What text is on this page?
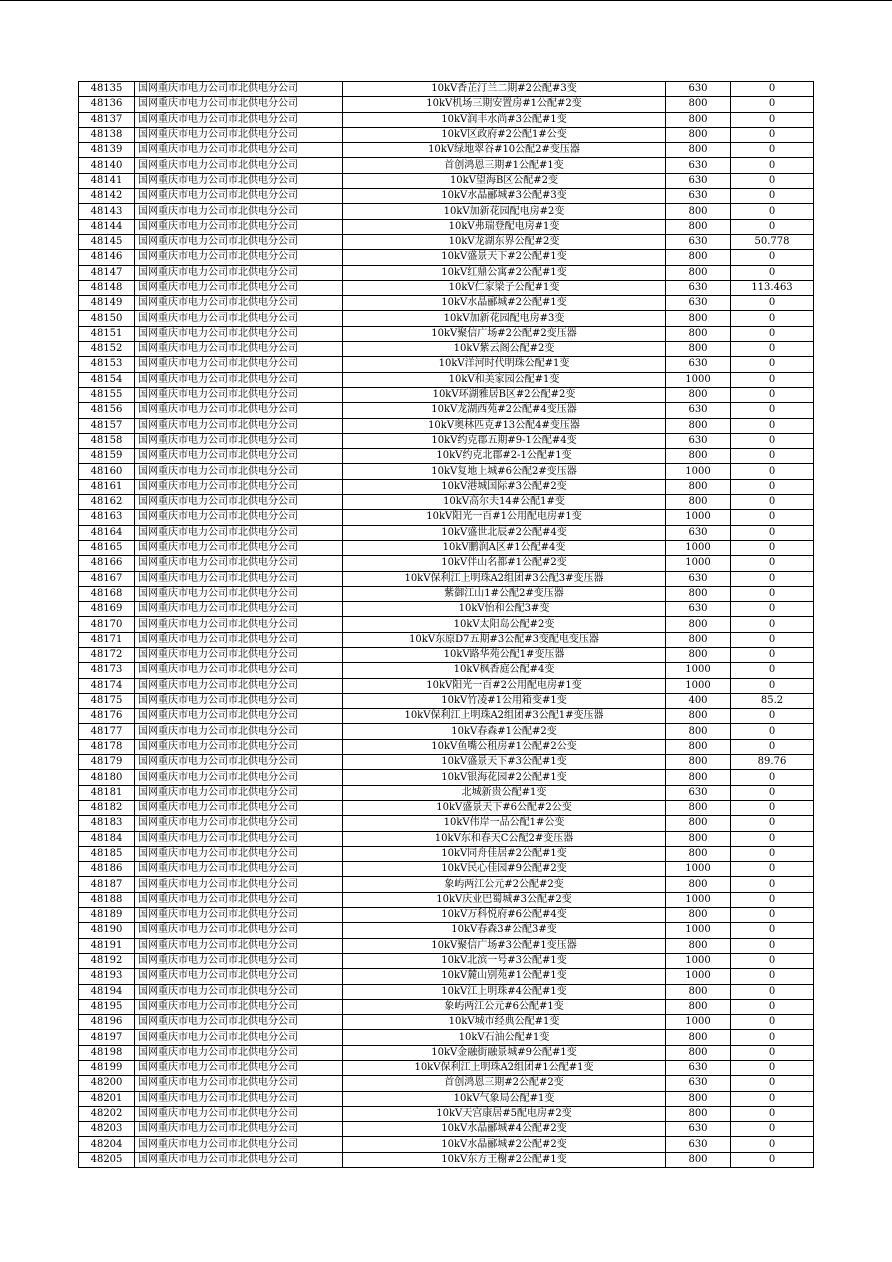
48135	国网重庆市电力公司市北供电分公司	10kV香芷汀兰二期#2公配#3变	630	0
48136	国网重庆市电力公司市北供电分公司	10kV机场三期安置房#1公配#2变	800	0
48137	国网重庆市电力公司市北供电分公司	10kV润丰水尚#3公配#1变	800	0
48138	国网重庆市电力公司市北供电分公司	10kV区政府#2公配1#公变	800	0
48139	国网重庆市电力公司市北供电分公司	10kV绿地翠谷#10公配2#变压器	800	0
48140	国网重庆市电力公司市北供电分公司	首创鸿恩三期#1公配#1变	630	0
48141	国网重庆市电力公司市北供电分公司	10kV望海B区公配#2变	630	0
48142	国网重庆市电力公司市北供电分公司	10kV水晶郦城#3公配#3变	630	0
48143	国网重庆市电力公司市北供电分公司	10kV加新花园配电房#2变	800	0
48144	国网重庆市电力公司市北供电分公司	10kV弗瑞登配电房#1变	800	0
48145	国网重庆市电力公司市北供电分公司	10kV龙湖东界公配#2变	630	50.778
48146	国网重庆市电力公司市北供电分公司	10kV盛景天下#2公配#1变	800	0
48147	国网重庆市电力公司市北供电分公司	10kV红鼎公寓#2公配#1变	800	0
48148	国网重庆市电力公司市北供电分公司	10kV仁家梁子公配#1变	630	113.463
48149	国网重庆市电力公司市北供电分公司	10kV水晶郦城#2公配#1变	630	0
48150	国网重庆市电力公司市北供电分公司	10kV加新花园配电房#3变	800	0
48151	国网重庆市电力公司市北供电分公司	10kV聚信广场#2公配#2变压器	800	0
48152	国网重庆市电力公司市北供电分公司	10kV紫云阁公配#2变	800	0
48153	国网重庆市电力公司市北供电分公司	10kV洋河时代明珠公配#1变	630	0
48154	国网重庆市电力公司市北供电分公司	10kV和美家园公配#1变	1000	0
48155	国网重庆市电力公司市北供电分公司	10kV环湖雅居B区#2公配#2变	800	0
48156	国网重庆市电力公司市北供电分公司	10kV龙湖西苑#2公配#4变压器	630	0
48157	国网重庆市电力公司市北供电分公司	10kV奥林匹克#13公配4#变压器	800	0
48158	国网重庆市电力公司市北供电分公司	10kV约克郡五期#9-1公配#4变	630	0
48159	国网重庆市电力公司市北供电分公司	10kV约克北郡#2-1公配#1变	800	0
48160	国网重庆市电力公司市北供电分公司	10kV复地上城#6公配2#变压器	1000	0
48161	国网重庆市电力公司市北供电分公司	10kV港城国际#3公配#2变	800	0
48162	国网重庆市电力公司市北供电分公司	10kV高尔夫14#公配1#变	800	0
48163	国网重庆市电力公司市北供电分公司	10kV阳光一百#1公用配电房#1变	1000	0
48164	国网重庆市电力公司市北供电分公司	10kV盛世北辰#2公配#4变	630	0
48165	国网重庆市电力公司市北供电分公司	10kV鹏润A区#1公配#4变	1000	0
48166	国网重庆市电力公司市北供电分公司	10kV伴山名都#1公配#2变	1000	0
48167	国网重庆市电力公司市北供电分公司	10kV保利江上明珠A2组团#3公配3#变压器	630	0
48168	国网重庆市电力公司市北供电分公司	紫御江山1#公配2#变压器	800	0
48169	国网重庆市电力公司市北供电分公司	10kV怡和公配3#变	630	0
48170	国网重庆市电力公司市北供电分公司	10kV太阳岛公配#2变	800	0
48171	国网重庆市电力公司市北供电分公司	10kV东原D7五期#3公配#3变配电变压器	800	0
48172	国网重庆市电力公司市北供电分公司	10kV路华苑公配1#变压器	800	0
48173	国网重庆市电力公司市北供电分公司	10kV枫香庭公配#4变	1000	0
48174	国网重庆市电力公司市北供电分公司	10kV阳光一百#2公用配电房#1变	1000	0
48175	国网重庆市电力公司市北供电分公司	10kV竹凌#1公用箱变#1变	400	85.2
48176	国网重庆市电力公司市北供电分公司	10kV保利江上明珠A2组团#3公配1#变压器	800	0
48177	国网重庆市电力公司市北供电分公司	10kV春森#1公配#2变	800	0
48178	国网重庆市电力公司市北供电分公司	10kV鱼嘴公租房#1公配#2公变	800	0
48179	国网重庆市电力公司市北供电分公司	10kV盛景天下#3公配#1变	800	89.76
48180	国网重庆市电力公司市北供电分公司	10kV银海花园#2公配#1变	800	0
48181	国网重庆市电力公司市北供电分公司	北城新贵公配#1变	630	0
48182	国网重庆市电力公司市北供电分公司	10kV盛景天下#6公配#2公变	800	0
48183	国网重庆市电力公司市北供电分公司	10kV伟岸一品公配1#公变	800	0
48184	国网重庆市电力公司市北供电分公司	10kV东和春天C公配2#变压器	800	0
48185	国网重庆市电力公司市北供电分公司	10kV同舟佳居#2公配#1变	800	0
48186	国网重庆市电力公司市北供电分公司	10kV民心佳园#9公配#2变	1000	0
48187	国网重庆市电力公司市北供电分公司	象屿两江公元#2公配#2变	800	0
48188	国网重庆市电力公司市北供电分公司	10kV庆业巴蜀城#3公配#2变	1000	0
48189	国网重庆市电力公司市北供电分公司	10kV万科悦府#6公配#4变	800	0
48190	国网重庆市电力公司市北供电分公司	10kV春森3#公配3#变	1000	0
48191	国网重庆市电力公司市北供电分公司	10kV聚信广场#3公配#1变压器	800	0
48192	国网重庆市电力公司市北供电分公司	10kV北滨一号#3公配#1变	1000	0
48193	国网重庆市电力公司市北供电分公司	10kV麓山别苑#1公配#1变	1000	0
48194	国网重庆市电力公司市北供电分公司	10kV江上明珠#4公配#1变	800	0
48195	国网重庆市电力公司市北供电分公司	象屿两江公元#6公配#1变	800	0
48196	国网重庆市电力公司市北供电分公司	10kV城市经典公配#1变	1000	0
48197	国网重庆市电力公司市北供电分公司	10kV石油公配#1变	800	0
48198	国网重庆市电力公司市北供电分公司	10kV金融街融景城#9公配#1变	800	0
48199	国网重庆市电力公司市北供电分公司	10kV保利江上明珠A2组团#1公配#1变	630	0
48200	国网重庆市电力公司市北供电分公司	首创鸿恩三期#2公配#2变	630	0
48201	国网重庆市电力公司市北供电分公司	10kV气象局公配#1变	800	0
48202	国网重庆市电力公司市北供电分公司	10kV天宫康居#5配电房#2变	800	0
48203	国网重庆市电力公司市北供电分公司	10kV水晶郦城#4公配#2变	630	0
48204	国网重庆市电力公司市北供电分公司	10kV水晶郦城#2公配#2变	630	0
48205	国网重庆市电力公司市北供电分公司	10kV东方王榭#2公配#1变	800	0
